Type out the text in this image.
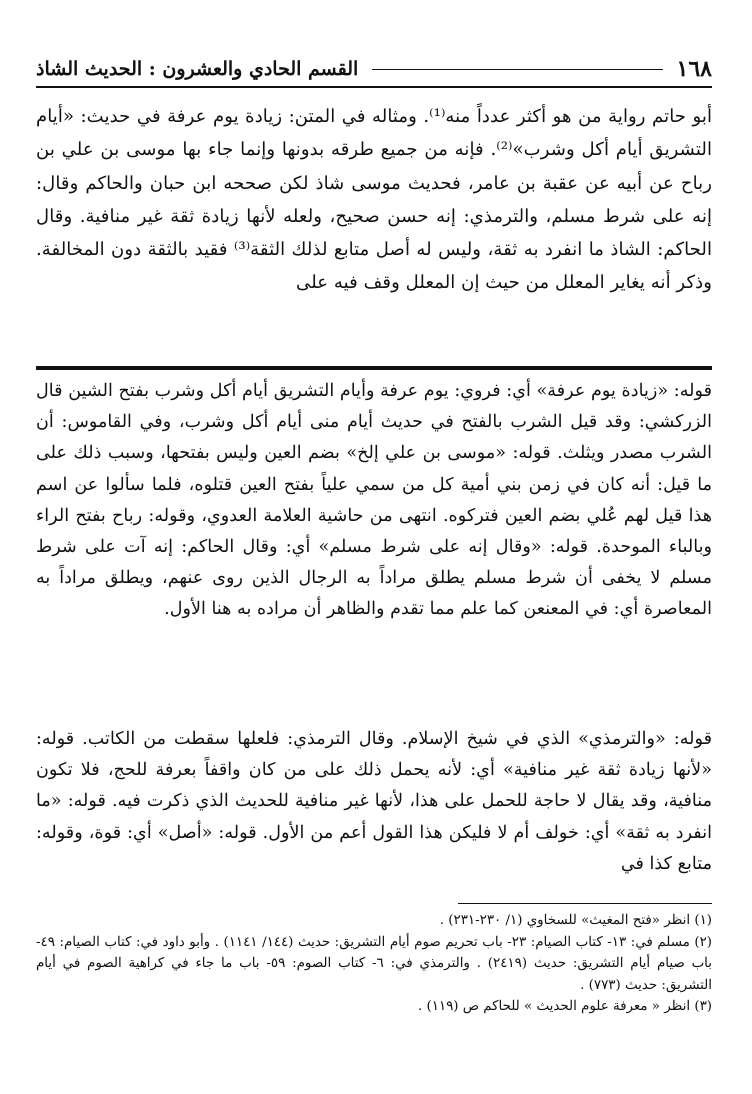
١٦٨
القسم الحادي والعشرون : الحديث الشاذ
أبو حاتم رواية من هو أكثر عدداً منه⁽¹⁾. ومثاله في المتن: زيادة يوم عرفة في حديث: «أيام التشريق أيام أكل وشرب»⁽²⁾. فإنه من جميع طرقه بدونها وإنما جاء بها موسى بن علي بن رباح عن أبيه عن عقبة بن عامر، فحديث موسى شاذ لكن صححه ابن حبان والحاكم وقال: إنه على شرط مسلم، والترمذي: إنه حسن صحيح، ولعله لأنها زيادة ثقة غير منافية. وقال الحاكم: الشاذ ما انفرد به ثقة، وليس له أصل متابع لذلك الثقة⁽³⁾ فقيد بالثقة دون المخالفة. وذكر أنه يغاير المعلل من حيث إن المعلل وقف فيه على
قوله: «زيادة يوم عرفة» أي: فروي: يوم عرفة وأيام التشريق أيام أكل وشرب بفتح الشين قال الزركشي: وقد قيل الشرب بالفتح في حديث أيام منى أيام أكل وشرب، وفي القاموس: أن الشرب مصدر ويثلث. قوله: «موسى بن علي إلخ» بضم العين وليس بفتحها، وسبب ذلك على ما قيل: أنه كان في زمن بني أمية كل من سمي علياً بفتح العين قتلوه، فلما سألوا عن اسم هذا قيل لهم عُلي بضم العين فتركوه. انتهى من حاشية العلامة العدوي، وقوله: رباح بفتح الراء وبالباء الموحدة. قوله: «وقال إنه على شرط مسلم» أي: وقال الحاكم: إنه آت على شرط مسلم لا يخفى أن شرط مسلم يطلق مراداً به الرجال الذين روى عنهم، ويطلق مراداً به المعاصرة أي: في المعنعن كما علم مما تقدم والظاهر أن مراده به هنا الأول.
قوله: «والترمذي» الذي في شيخ الإسلام. وقال الترمذي: فلعلها سقطت من الكاتب. قوله: «لأنها زيادة ثقة غير منافية» أي: لأنه يحمل ذلك على من كان واقفاً بعرفة للحج، فلا تكون منافية، وقد يقال لا حاجة للحمل على هذا، لأنها غير منافية للحديث الذي ذكرت فيه. قوله: «ما انفرد به ثقة» أي: خولف أم لا فليكن هذا القول أعم من الأول. قوله: «أصل» أي: قوة، وقوله: متابع كذا في
(١) انظر «فتح المغيث» للسخاوي (١/ ٢٣٠-٢٣١) .
(٢) مسلم في: ١٣- كتاب الصيام: ٢٣- باب تحريم صوم أيام التشريق: حديث (١٤٤/ ١١٤١) . وأبو داود في: كتاب الصيام: ٤٩- باب صيام أيام التشريق: حديث (٢٤١٩) . والترمذي في: ٦- كتاب الصوم: ٥٩- باب ما جاء في كراهية الصوم في أيام التشريق: حديث (٧٧٣) .
(٣) انظر « معرفة علوم الحديث » للحاكم ص (١١٩) .
